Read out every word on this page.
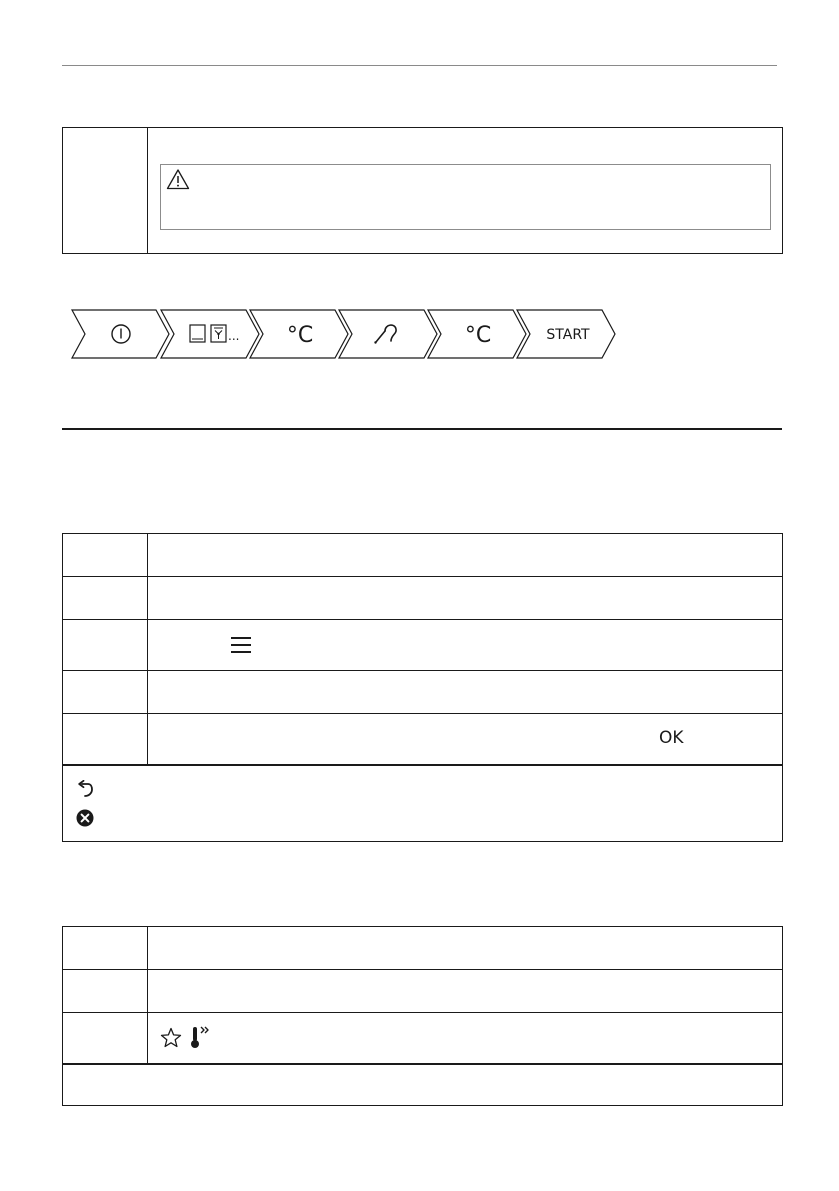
... °C	°C	START

	OK
